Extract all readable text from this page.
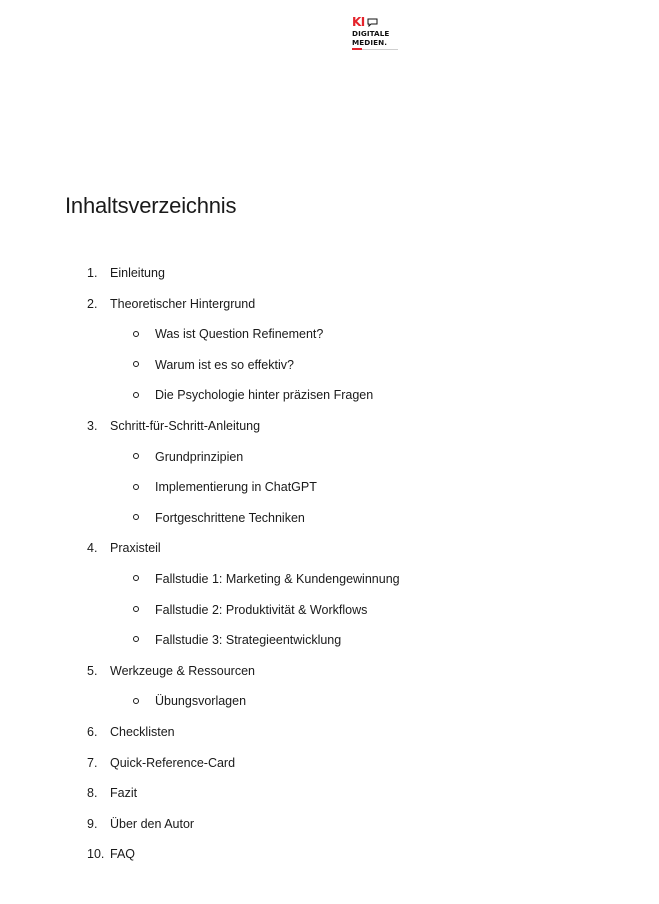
KI
DIGITALE
MEDIEN.
Inhaltsverzeichnis
1.	Einleitung
2.	Theoretischer Hintergrund
Was ist Question Refinement?
Warum ist es so effektiv?
Die Psychologie hinter präzisen Fragen
3.	Schritt-für-Schritt-Anleitung
Grundprinzipien
Implementierung in ChatGPT
Fortgeschrittene Techniken
4.	Praxisteil
Fallstudie 1: Marketing & Kundengewinnung
Fallstudie 2: Produktivität & Workflows
Fallstudie 3: Strategieentwicklung
5.	Werkzeuge & Ressourcen
Übungsvorlagen
6.	Checklisten
7.	Quick-Reference-Card
8.	Fazit
9.	Über den Autor
10. FAQ
